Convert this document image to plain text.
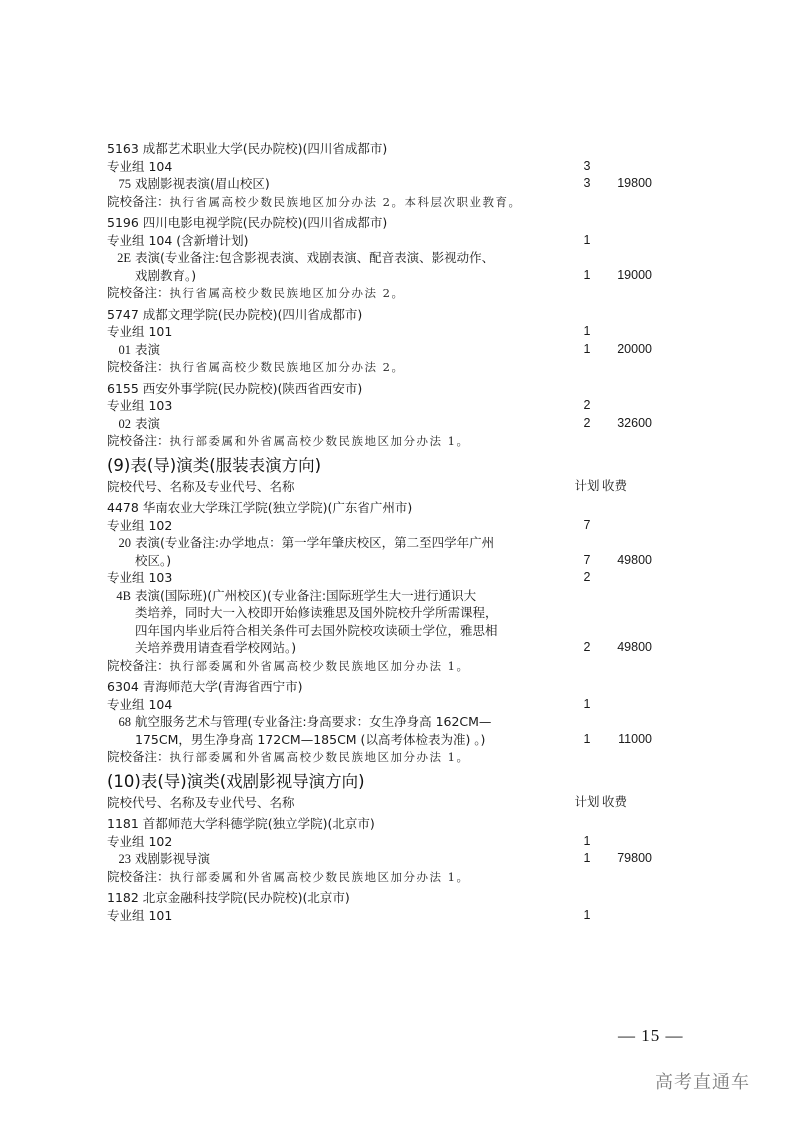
5163 成都艺术职业大学(民办院校)(四川省成都市)
专业组 104	3
75 戏剧影视表演(眉山校区)	3	19800
院校备注：执行省属高校少数民族地区加分办法 2。本科层次职业教育。
5196 四川电影电视学院(民办院校)(四川省成都市)
专业组 104 (含新增计划)	1
2E 表演(专业备注:包含影视表演、戏剧表演、配音表演、影视动作、
戏剧教育。)	1	19000
院校备注：执行省属高校少数民族地区加分办法 2。
5747 成都文理学院(民办院校)(四川省成都市)
专业组 101	1
01 表演	1	20000
院校备注：执行省属高校少数民族地区加分办法 2。
6155 西安外事学院(民办院校)(陕西省西安市)
专业组 103	2
02 表演	2	32600
院校备注：执行部委属和外省属高校少数民族地区加分办法 1。
(9)表(导)演类(服装表演方向)
院校代号、名称及专业代号、名称	计划 收费
4478 华南农业大学珠江学院(独立学院)(广东省广州市)
专业组 102	7
20 表演(专业备注:办学地点：第一学年肇庆校区，第二至四学年广州
校区。)	7	49800
专业组 103	2
4B 表演(国际班)(广州校区)(专业备注:国际班学生大一进行通识大
类培养，同时大一入校即开始修读雅思及国外院校升学所需课程，
四年国内毕业后符合相关条件可去国外院校攻读硕士学位，雅思相
关培养费用请查看学校网站。)	2	49800
院校备注：执行部委属和外省属高校少数民族地区加分办法 1。
6304 青海师范大学(青海省西宁市)
专业组 104	1
68 航空服务艺术与管理(专业备注:身高要求：女生净身高 162CM—
175CM，男生净身高 172CM—185CM (以高考体检表为准) 。)	1	11000
院校备注：执行部委属和外省属高校少数民族地区加分办法 1。
(10)表(导)演类(戏剧影视导演方向)
院校代号、名称及专业代号、名称	计划 收费
1181 首都师范大学科德学院(独立学院)(北京市)
专业组 102	1
23 戏剧影视导演	1	79800
院校备注：执行部委属和外省属高校少数民族地区加分办法 1。
1182 北京金融科技学院(民办院校)(北京市)
专业组 101	1
— 15 —
高考直通车
